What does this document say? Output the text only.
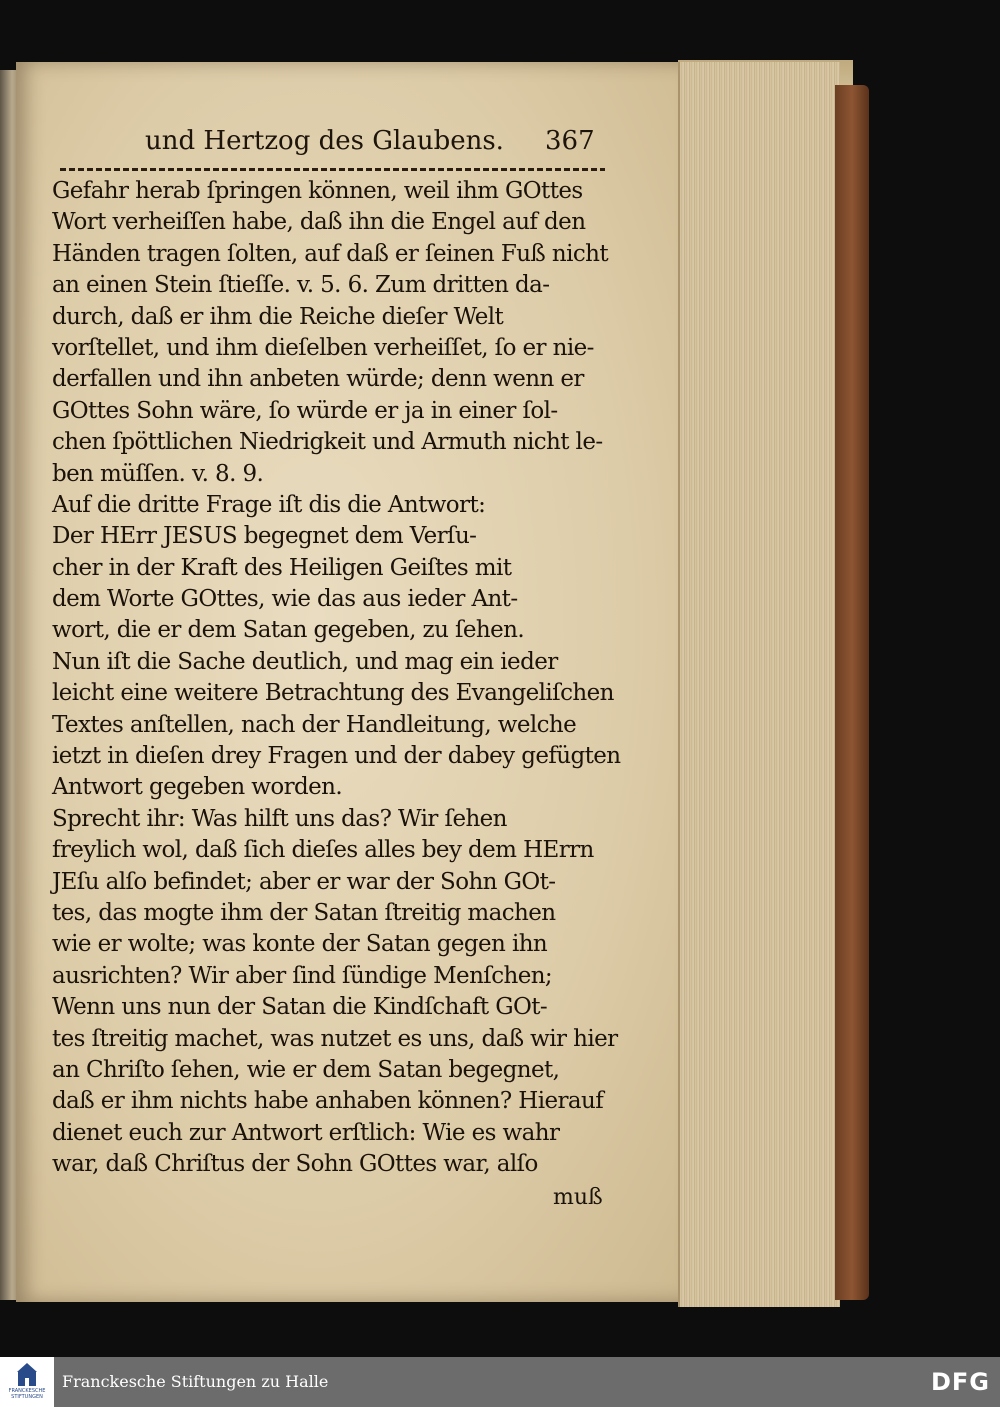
und Hertzog des Glaubens. 367
Gefahr herab ſpringen können, weil ihm GOttes
Wort verheiſſen habe, daß ihn die Engel auf den
Händen tragen ſolten, auf daß er ſeinen Fuß nicht
an einen Stein ſtieſſe. v. 5. 6. Zum dritten da-
durch, daß er ihm die Reiche dieſer Welt
vorſtellet, und ihm dieſelben verheiſſet, ſo er nie-
derfallen und ihn anbeten würde; denn wenn er
GOttes Sohn wäre, ſo würde er ja in einer ſol-
chen ſpöttlichen Niedrigkeit und Armuth nicht le-
ben müſſen. v. 8. 9.
Auf die dritte Frage iſt dis die Antwort:
Der HErr JESUS begegnet dem Verſu-
cher in der Kraft des Heiligen Geiſtes mit
dem Worte GOttes, wie das aus ieder Ant-
wort, die er dem Satan gegeben, zu ſehen.
Nun iſt die Sache deutlich, und mag ein ieder
leicht eine weitere Betrachtung des Evangeliſchen
Textes anſtellen, nach der Handleitung, welche
ietzt in dieſen drey Fragen und der dabey gefügten
Antwort gegeben worden.
Sprecht ihr: Was hilft uns das? Wir ſehen
freylich wol, daß ſich dieſes alles bey dem HErrn
JEſu alſo befindet; aber er war der Sohn GOt-
tes, das mogte ihm der Satan ſtreitig machen
wie er wolte; was konte der Satan gegen ihn
ausrichten? Wir aber ſind ſündige Menſchen;
Wenn uns nun der Satan die Kindſchaft GOt-
tes ſtreitig machet, was nutzet es uns, daß wir hier
an Chriſto ſehen, wie er dem Satan begegnet,
daß er ihm nichts habe anhaben können? Hierauf
dienet euch zur Antwort erſtlich: Wie es wahr
war, daß Chriſtus der Sohn GOttes war, alſo
muß
FRANCKESCHE
STIFTUNGEN
Franckesche Stiftungen zu Halle	DFG
